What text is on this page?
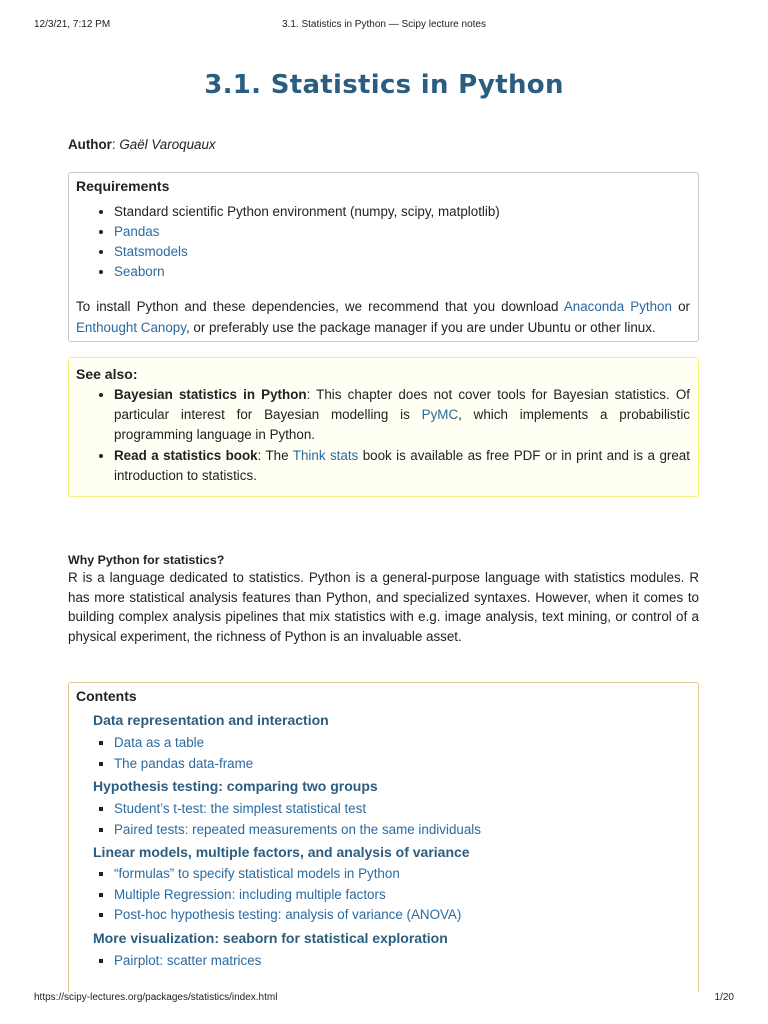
12/3/21, 7:12 PM	3.1. Statistics in Python — Scipy lecture notes
3.1. Statistics in Python
Author: Gaël Varoquaux
Requirements
• Standard scientific Python environment (numpy, scipy, matplotlib)
• Pandas
• Statsmodels
• Seaborn
To install Python and these dependencies, we recommend that you download Anaconda Python or Enthought Canopy, or preferably use the package manager if you are under Ubuntu or other linux.
See also:
• Bayesian statistics in Python: This chapter does not cover tools for Bayesian statistics. Of particular interest for Bayesian modelling is PyMC, which implements a probabilistic programming language in Python.
• Read a statistics book: The Think stats book is available as free PDF or in print and is a great introduction to statistics.
Why Python for statistics?
R is a language dedicated to statistics. Python is a general-purpose language with statistics modules. R has more statistical analysis features than Python, and specialized syntaxes. However, when it comes to building complex analysis pipelines that mix statistics with e.g. image analysis, text mining, or control of a physical experiment, the richness of Python is an invaluable asset.
Contents
Data representation and interaction
▪ Data as a table
▪ The pandas data-frame
Hypothesis testing: comparing two groups
▪ Student’s t-test: the simplest statistical test
▪ Paired tests: repeated measurements on the same individuals
Linear models, multiple factors, and analysis of variance
▪ “formulas” to specify statistical models in Python
▪ Multiple Regression: including multiple factors
▪ Post-hoc hypothesis testing: analysis of variance (ANOVA)
More visualization: seaborn for statistical exploration
▪ Pairplot: scatter matrices
https://scipy-lectures.org/packages/statistics/index.html	1/20
